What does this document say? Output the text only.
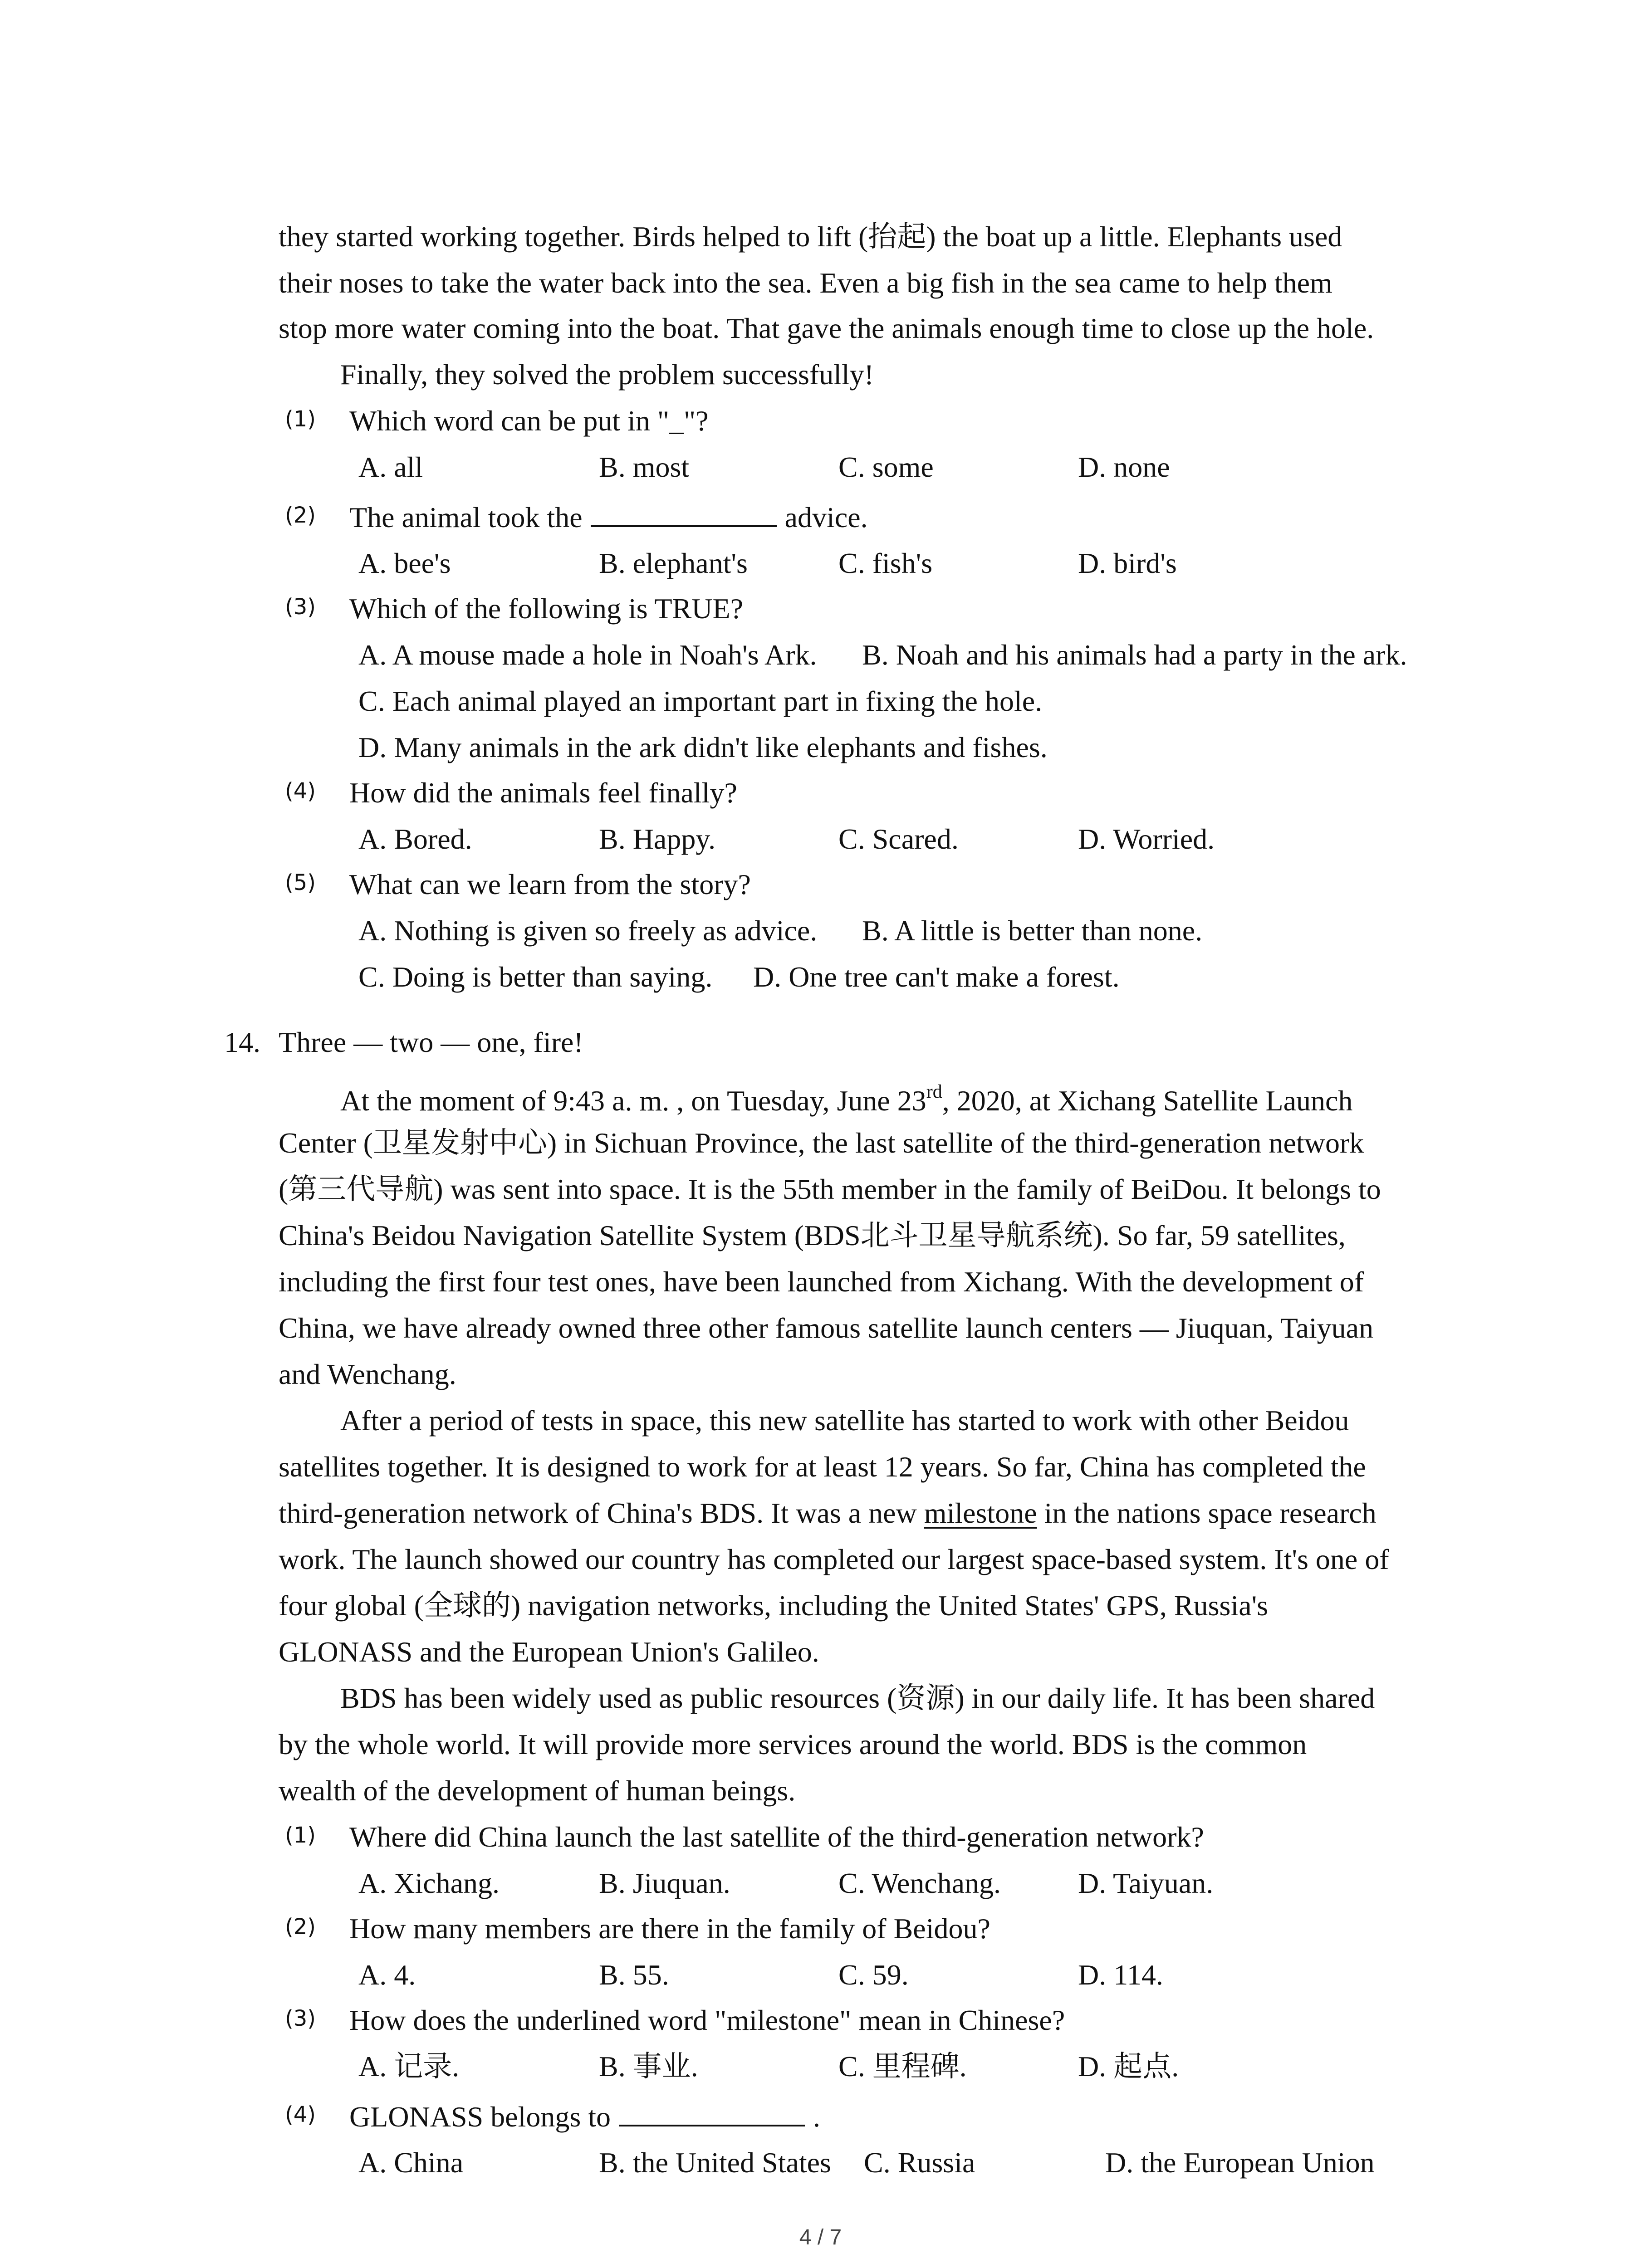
they started working together. Birds helped to lift (抬起) the boat up a little. Elephants used
their noses to take the water back into the sea. Even a big fish in the sea came to help them
stop more water coming into the boat. That gave the animals enough time to close up the hole.
Finally, they solved the problem successfully!
(1) Which word can be put in "_"?
A. all	B. most	C. some	D. none
(2) The animal took the	advice.
A. bee's	B. elephant's	C. fish's	D. bird's
(3) Which of the following is TRUE?
A. A mouse made a hole in Noah's Ark. B. Noah and his animals had a party in the ark.
C. Each animal played an important part in fixing the hole.
D. Many animals in the ark didn't like elephants and fishes.
(4) How did the animals feel finally?
A. Bored.	B. Happy.	C. Scared.	D. Worried.
(5) What can we learn from the story?
A. Nothing is given so freely as advice. B. A little is better than none.
C. Doing is better than saying. D. One tree can't make a forest.
14. Three — two — one, fire!
At the moment of 9:43 a. m. , on Tuesday, June 23rd, 2020, at Xichang Satellite Launch
Center (卫星发射中心) in Sichuan Province, the last satellite of the third-generation network
(第三代导航) was sent into space. It is the 55th member in the family of BeiDou. It belongs to
China's Beidou Navigation Satellite System (BDS北斗卫星导航系统). So far, 59 satellites,
including the first four test ones, have been launched from Xichang. With the development of
China, we have already owned three other famous satellite launch centers — Jiuquan, Taiyuan
and Wenchang.
After a period of tests in space, this new satellite has started to work with other Beidou
satellites together. It is designed to work for at least 12 years. So far, China has completed the
third-generation network of China's BDS. It was a new milestone in the nations space research
work. The launch showed our country has completed our largest space-based system. It's one of
four global (全球的) navigation networks, including the United States' GPS, Russia's
GLONASS and the European Union's Galileo.
BDS has been widely used as public resources (资源) in our daily life. It has been shared
by the whole world. It will provide more services around the world. BDS is the common
wealth of the development of human beings.
(1) Where did China launch the last satellite of the third-generation network?
A. Xichang.	B. Jiuquan.	C. Wenchang.	D. Taiyuan.
(2) How many members are there in the family of Beidou?
A. 4.	B. 55.	C. 59.	D. 114.
(3) How does the underlined word "milestone" mean in Chinese?
A. 记录.	B. 事业.	C. 里程碑.	D. 起点.
(4) GLONASS belongs to	.
A. China	B. the United States C. Russia	D. the European Union
4 / 7
